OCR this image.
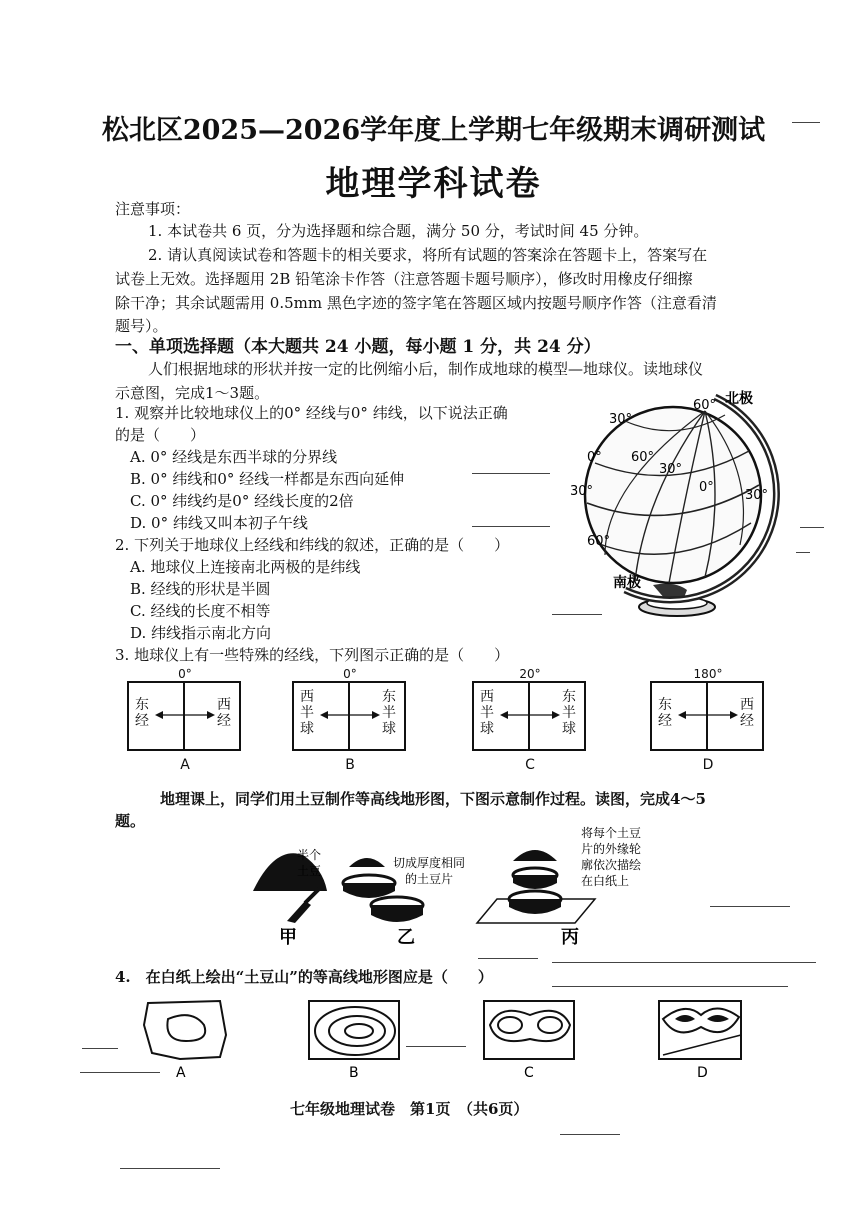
松北区2025—2026学年度上学期七年级期末调研测试
地理学科试卷
注意事项：
1. 本试卷共 6 页，分为选择题和综合题，满分 50 分，考试时间 45 分钟。
2. 请认真阅读试卷和答题卡的相关要求，将所有试题的答案涂在答题卡上，答案写在
试卷上无效。选择题用 2B 铅笔涂卡作答（注意答题卡题号顺序），修改时用橡皮仔细擦
除干净；其余试题需用 0.5mm 黑色字迹的签字笔在答题区域内按题号顺序作答（注意看清
题号）。
一、单项选择题（本大题共 24 小题，每小题 1 分，共 24 分）
人们根据地球的形状并按一定的比例缩小后，制作成地球的模型—地球仪。读地球仪
示意图，完成1～3题。
1. 观察并比较地球仪上的0° 经线与0° 纬线，以下说法正确
的是（　　）
A. 0° 经线是东西半球的分界线
B. 0° 纬线和0° 经线一样都是东西向延伸
C. 0° 纬线约是0° 经线长度的2倍
D. 0° 纬线又叫本初子午线
2. 下列关于地球仪上经线和纬线的叙述，正确的是（　　）
A. 地球仪上连接南北两极的是纬线
B. 经线的形状是半圆
C. 经线的长度不相等
D. 纬线指示南北方向
60° 北极
30°
0° 60°
30°
0°
30°	30°
60°
南极
3. 地球仪上有一些特殊的经线，下列图示正确的是（　　）
0°
东经
西经
A
0°
西半球
东半球
B
20°
西半球
东半球
C
180°
东经
西经
D
地理课上，同学们用土豆制作等高线地形图，下图示意制作过程。读图，完成4～5
题。
半个
土豆
甲
切成厚度相同
的土豆片
乙
将每个土豆
片的外缘轮
廓依次描绘
在白纸上
丙
4.　在白纸上绘出“土豆山”的等高线地形图应是（　　）
A	B	C	D
七年级地理试卷　第1页　（共6页）
